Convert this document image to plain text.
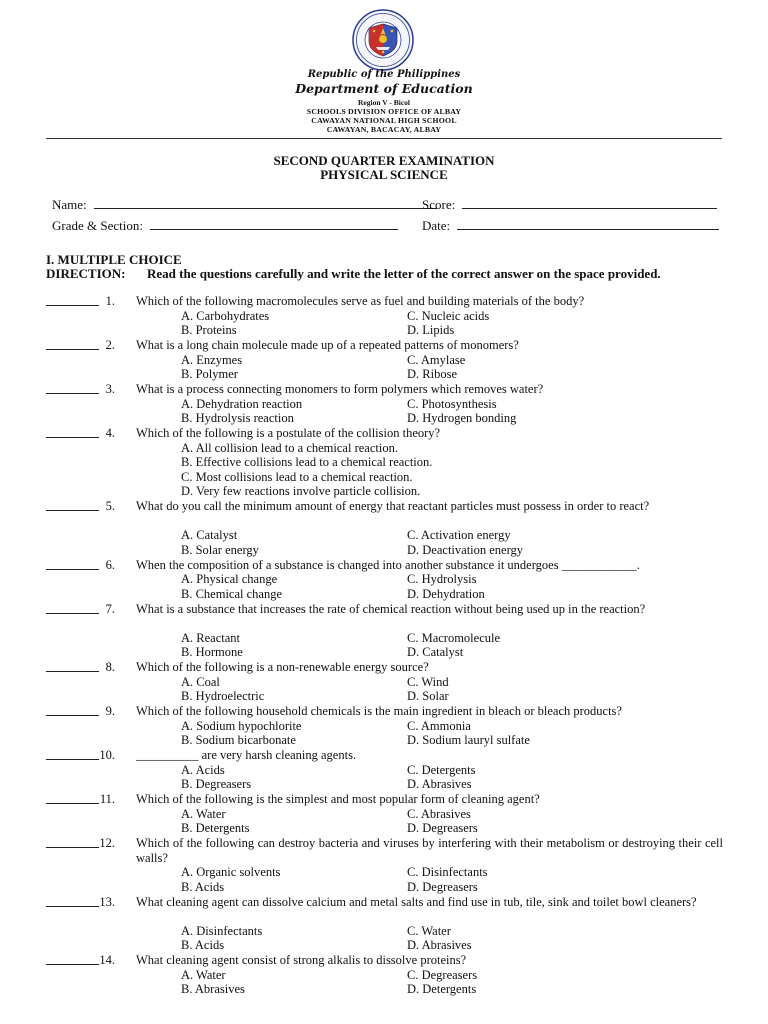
Republic of the Philippines
Department of Education
Region V - Bicol
SCHOOLS DIVISION OFFICE OF ALBAY
CAWAYAN NATIONAL HIGH SCHOOL
CAWAYAN, BACACAY, ALBAY
SECOND QUARTER EXAMINATION
PHYSICAL SCIENCE
Name:	Score:
Grade & Section:	Date:
I. MULTIPLE CHOICE
DIRECTION: Read the questions carefully and write the letter of the correct answer on the space provided.
1. Which of the following macromolecules serve as fuel and building materials of the body?
A. Carbohydrates
B. Proteins
C. Nucleic acids
D. Lipids
2. What is a long chain molecule made up of a repeated patterns of monomers?
A. Enzymes
B. Polymer
C. Amylase
D. Ribose
3. What is a process connecting monomers to form polymers which removes water?
A. Dehydration reaction
B. Hydrolysis reaction
C. Photosynthesis
D. Hydrogen bonding
4. Which of the following is a postulate of the collision theory?
A. All collision lead to a chemical reaction.
B. Effective collisions lead to a chemical reaction.
C. Most collisions lead to a chemical reaction.
D. Very few reactions involve particle collision.
5. What do you call the minimum amount of energy that reactant particles must possess in order to react?
A. Catalyst
B. Solar energy
C. Activation energy
D. Deactivation energy
6. When the composition of a substance is changed into another substance it undergoes ____________.
A. Physical change
B. Chemical change
C. Hydrolysis
D. Dehydration
7. What is a substance that increases the rate of chemical reaction without being used up in the reaction?
A. Reactant
B. Hormone
C. Macromolecule
D. Catalyst
8. Which of the following is a non-renewable energy source?
A. Coal
B. Hydroelectric
C. Wind
D. Solar
9. Which of the following household chemicals is the main ingredient in bleach or bleach products?
A. Sodium hypochlorite
B. Sodium bicarbonate
C. Ammonia
D. Sodium lauryl sulfate
10. __________ are very harsh cleaning agents.
A. Acids
B. Degreasers
C. Detergents
D. Abrasives
11. Which of the following is the simplest and most popular form of cleaning agent?
A. Water
B. Detergents
C. Abrasives
D. Degreasers
12. Which of the following can destroy bacteria and viruses by interfering with their metabolism or destroying their cell walls?
A. Organic solvents
B. Acids
C. Disinfectants
D. Degreasers
13. What cleaning agent can dissolve calcium and metal salts and find use in tub, tile, sink and toilet bowl cleaners?
A. Disinfectants
B. Acids
C. Water
D. Abrasives
14. What cleaning agent consist of strong alkalis to dissolve proteins?
A. Water
B. Abrasives
C. Degreasers
D. Detergents
